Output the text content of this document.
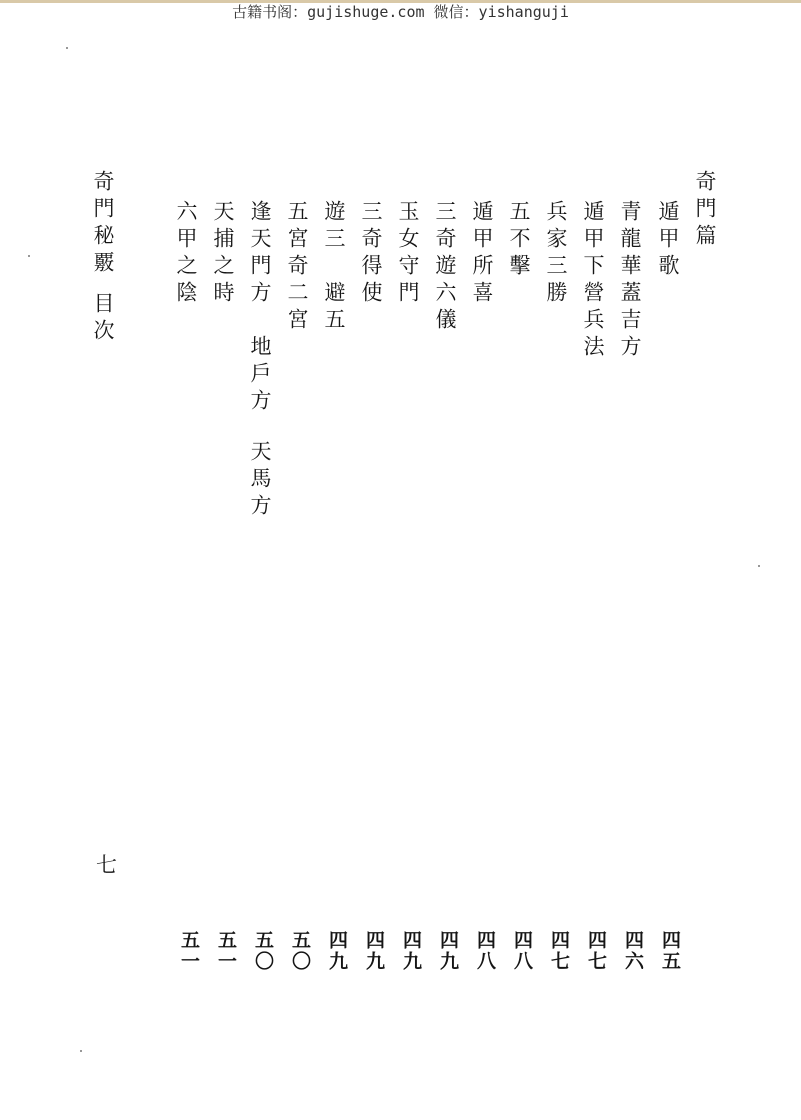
古籍书阁：gujishuge.com 微信：yishanguji
奇門秘覈目次
奇門篇
遁甲歌
青龍華蓋吉方
遁甲下營兵法
兵家三勝
五不擊
遁甲所喜
三奇遊六儀
玉女守門
三奇得使
遊三　避五
五宮奇二宮
逢天門方
地戶方
天馬方
天捕之時
六甲之陰
七
四五
四六
四七
四七
四八
四八
四九
四九
四九
四九
五〇
五〇
五一
五一
